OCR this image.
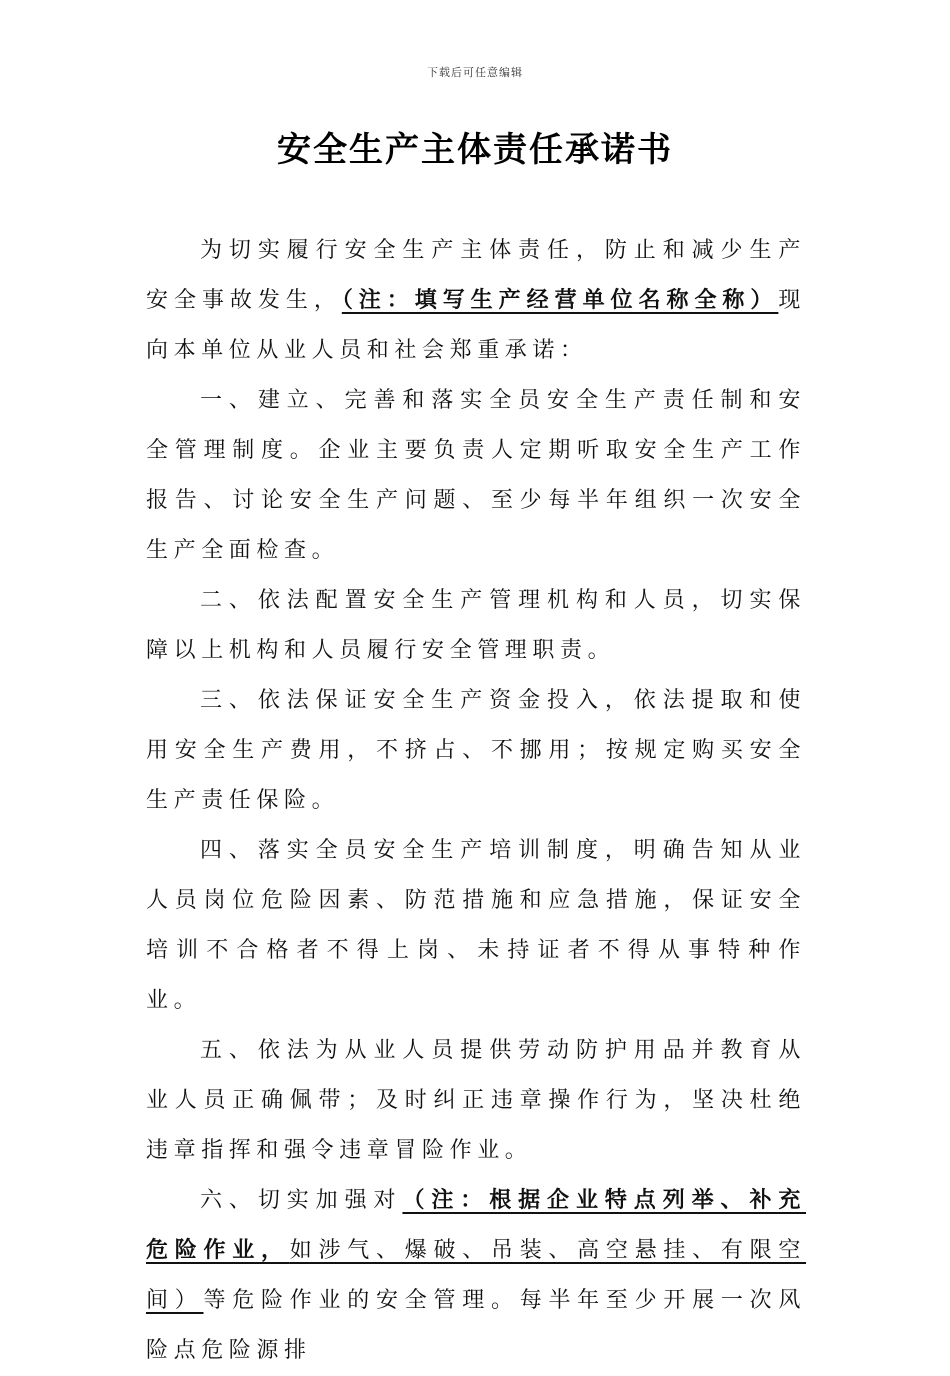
下载后可任意编辑
安全生产主体责任承诺书

为切实履行安全生产主体责任，防止和减少生产安全事故发生，（注：填写生产经营单位名称全称）现向本单位从业人员和社会郑重承诺：

一、建立、完善和落实全员安全生产责任制和安全管理制度。企业主要负责人定期听取安全生产工作报告、讨论安全生产问题、至少每半年组织一次安全生产全面检查。

二、依法配置安全生产管理机构和人员，切实保障以上机构和人员履行安全管理职责。

三、依法保证安全生产资金投入，依法提取和使用安全生产费用，不挤占、不挪用；按规定购买安全生产责任保险。

四、落实全员安全生产培训制度，明确告知从业人员岗位危险因素、防范措施和应急措施，保证安全培训不合格者不得上岗、未持证者不得从事特种作业。

五、依法为从业人员提供劳动防护用品并教育从业人员正确佩带；及时纠正违章操作行为，坚决杜绝违章指挥和强令违章冒险作业。

六、切实加强对（注：根据企业特点列举、补充危险作业，如涉气、爆破、吊装、高空悬挂、有限空间）等危险作业的安全管理。每半年至少开展一次风险点危险源排
